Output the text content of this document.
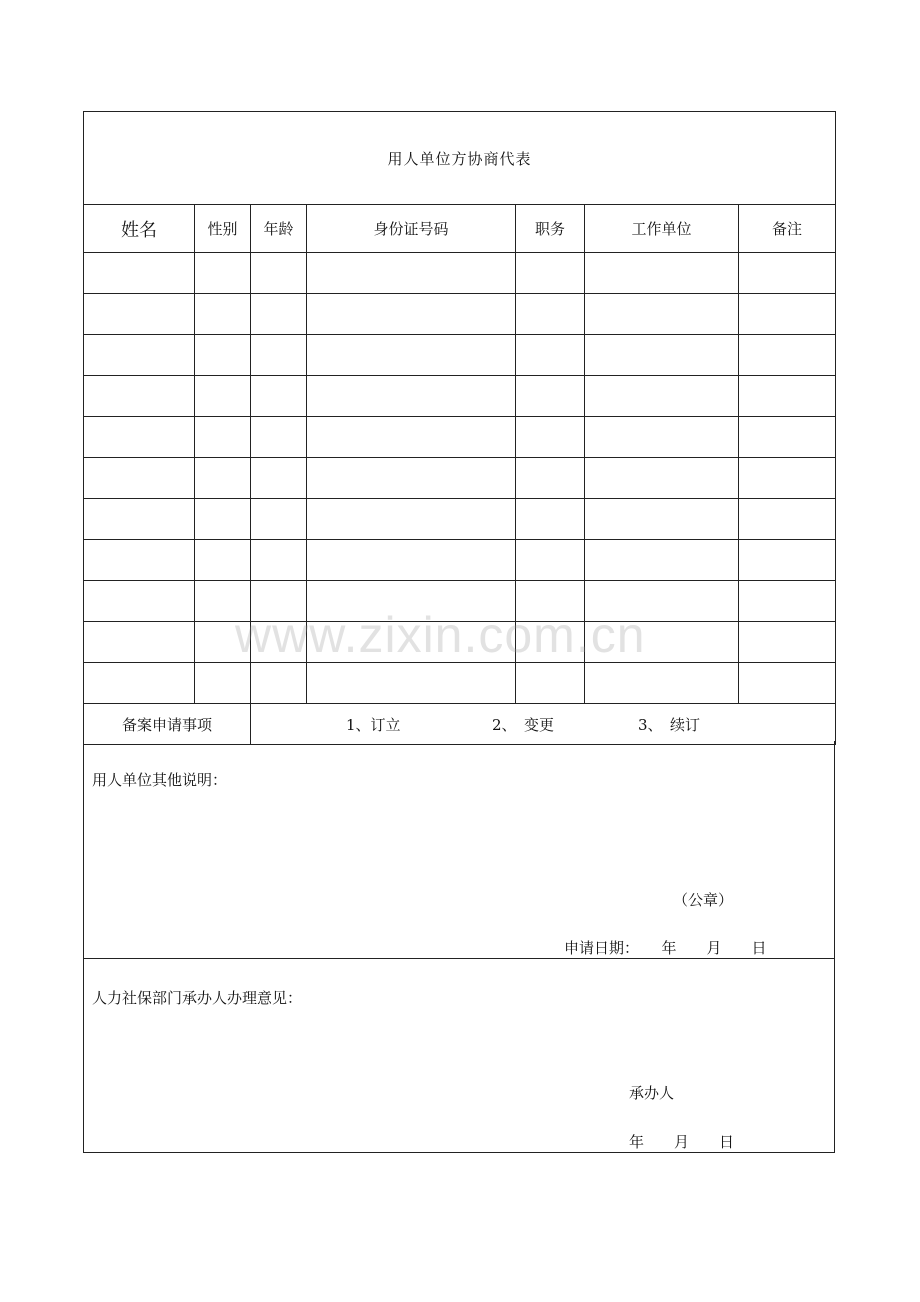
用人单位方协商代表						
姓名	性别	年龄	身份证号码	职务	工作单位	备注

备案申请事项		1、订立 2、　变更 3、　续订				
用人单位其他说明：
（公章）
申请日期：　　年　　月　　日
人力社保部门承办人办理意见：
承办人
年　　月　　日
www.zixin.com.cn
